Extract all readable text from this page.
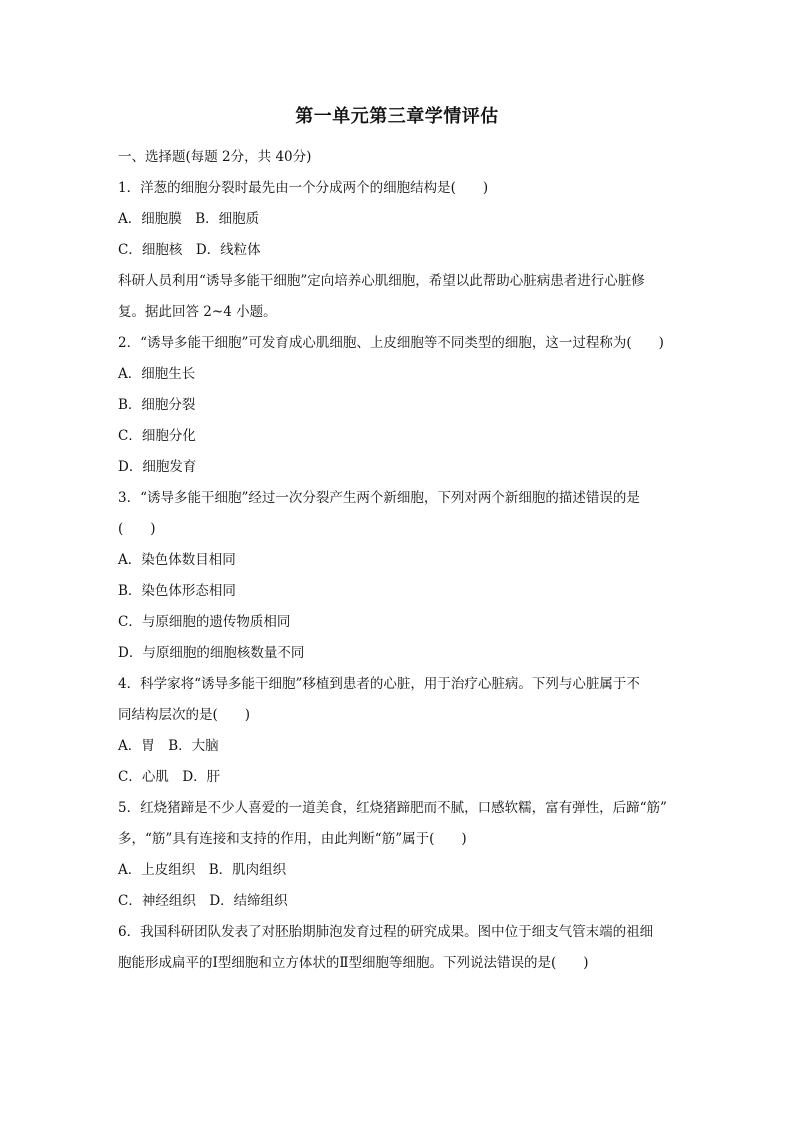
第一单元第三章学情评估
一、选择题(每题 2分，共 40分)
1．洋葱的细胞分裂时最先由一个分成两个的细胞结构是(　　)
A．细胞膜　B．细胞质
C．细胞核　D．线粒体
科研人员利用“诱导多能干细胞”定向培养心肌细胞，希望以此帮助心脏病患者进行心脏修
复。据此回答 2~4 小题。
2．“诱导多能干细胞”可发育成心肌细胞、上皮细胞等不同类型的细胞，这一过程称为(　　)
A．细胞生长
B．细胞分裂
C．细胞分化
D．细胞发育
3．“诱导多能干细胞”经过一次分裂产生两个新细胞，下列对两个新细胞的描述错误的是
(　　)
A．染色体数目相同
B．染色体形态相同
C．与原细胞的遗传物质相同
D．与原细胞的细胞核数量不同
4．科学家将“诱导多能干细胞”移植到患者的心脏，用于治疗心脏病。下列与心脏属于不
同结构层次的是(　　)
A．胃　B．大脑
C．心肌　D．肝
5．红烧猪蹄是不少人喜爱的一道美食，红烧猪蹄肥而不腻，口感软糯，富有弹性，后蹄“筋”
多，“筋”具有连接和支持的作用，由此判断“筋”属于(　　)
A．上皮组织　B．肌肉组织
C．神经组织　D．结缔组织
6．我国科研团队发表了对胚胎期肺泡发育过程的研究成果。图中位于细支气管末端的祖细
胞能形成扁平的Ⅰ型细胞和立方体状的Ⅱ型细胞等细胞。下列说法错误的是(　　)
